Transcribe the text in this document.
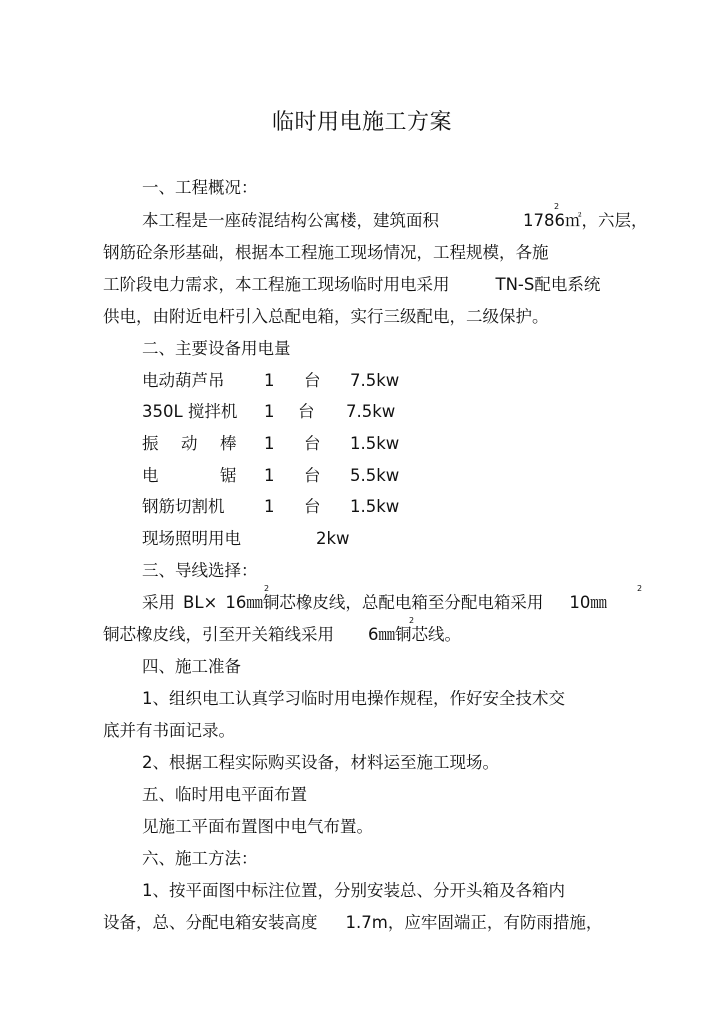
临时用电施工方案
一、工程概况：
本工程是一座砖混结构公寓楼，建筑面积	1786㎡，六层，
钢筋砼条形基础，根据本工程施工现场情况，工程规模，各施
工阶段电力需求，本工程施工现场临时用电采用	TN-S配电系统
供电，由附近电杆引入总配电箱，实行三级配电，二级保护。
二、主要设备用电量
电动葫芦吊 1 台 7.5kw
350L 搅拌机 1 台 7.5kw
振 动 棒 1 台 1.5kw
电	锯 1 台 5.5kw
钢筋切割机 1 台 1.5kw
现场照明用电	2kw
三、导线选择：
采用 BL× 16㎜铜芯橡皮线，总配电箱至分配电箱采用 10㎜
2	2
2
铜芯橡皮线，引至开关箱线采用 6㎜铜芯线。
2
四、施工准备
1、组织电工认真学习临时用电操作规程，作好安全技术交
底并有书面记录。
2、根据工程实际购买设备，材料运至施工现场。
五、临时用电平面布置
见施工平面布置图中电气布置。
六、施工方法：
1、按平面图中标注位置，分别安装总、分开头箱及各箱内
设备，总、分配电箱安装高度 1.7m，应牢固端正，有防雨措施，
